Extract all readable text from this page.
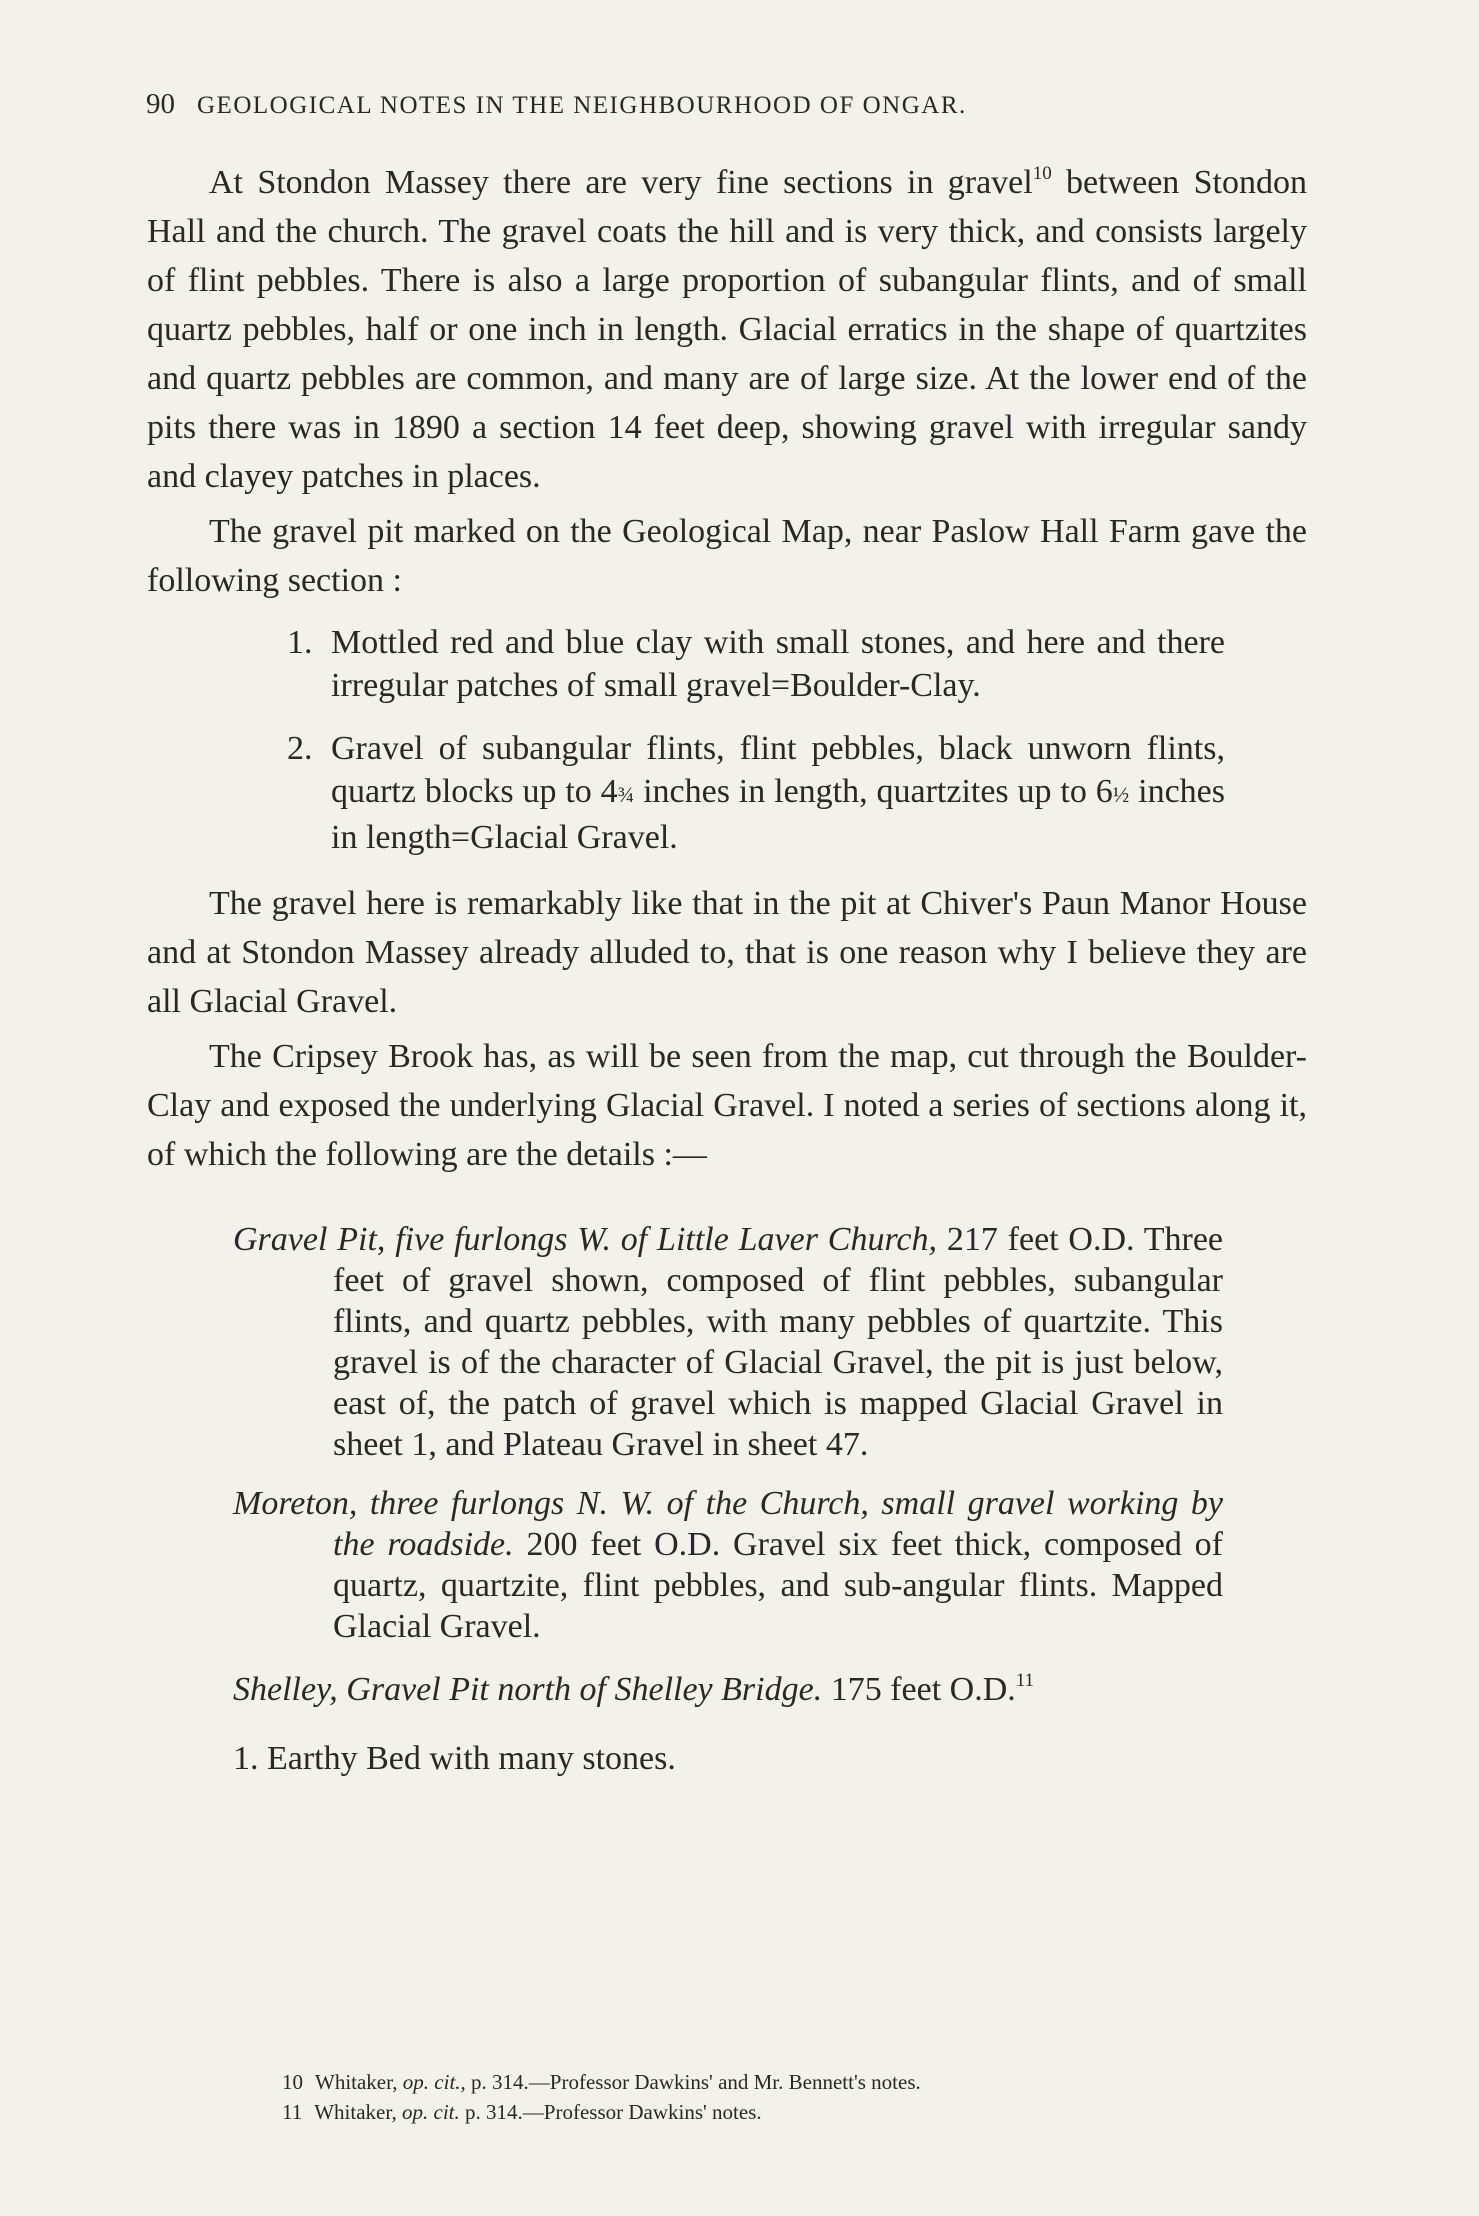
90 GEOLOGICAL NOTES IN THE NEIGHBOURHOOD OF ONGAR.

At Stondon Massey there are very fine sections in gravel$^{10}$ between Stondon Hall and the church. The gravel coats the hill and is very thick, and consists largely of flint pebbles. There is also a large proportion of subangular flints, and of small quartz pebbles, half or one inch in length. Glacial erratics in the shape of quartzites and quartz pebbles are common, and many are of large size. At the lower end of the pits there was in 1890 a section 14 feet deep, showing gravel with irregular sandy and clayey patches in places.

The gravel pit marked on the Geological Map, near Paslow Hall Farm gave the following section :

1. Mottled red and blue clay with small stones, and here and there irregular patches of small gravel=Boulder-Clay.
2. Gravel of subangular flints, flint pebbles, black unworn flints, quartz blocks up to 4¾ inches in length, quartzites up to 6½ inches in length=Glacial Gravel.

The gravel here is remarkably like that in the pit at Chiver's Paun Manor House and at Stondon Massey already alluded to, that is one reason why I believe they are all Glacial Gravel.

The Cripsey Brook has, as will be seen from the map, cut through the Boulder-Clay and exposed the underlying Glacial Gravel. I noted a series of sections along it, of which the following are the details :—

Gravel Pit, five furlongs W. of Little Laver Church, 217 feet O.D. Three feet of gravel shown, composed of flint pebbles, subangular flints, and quartz pebbles, with many pebbles of quartzite. This gravel is of the character of Glacial Gravel, the pit is just below, east of, the patch of gravel which is mapped Glacial Gravel in sheet 1, and Plateau Gravel in sheet 47.
Moreton, three furlongs N. W. of the Church, small gravel working by the roadside. 200 feet O.D. Gravel six feet thick, composed of quartz, quartzite, flint pebbles, and sub-angular flints. Mapped Glacial Gravel.
Shelley, Gravel Pit north of Shelley Bridge. 175 feet O.D.$^{11}$
1. Earthy Bed with many stones.
10 Whitaker, op. cit., p. 314.—Professor Dawkins' and Mr. Bennett's notes.
11 Whitaker, op. cit. p. 314.—Professor Dawkins' notes.
